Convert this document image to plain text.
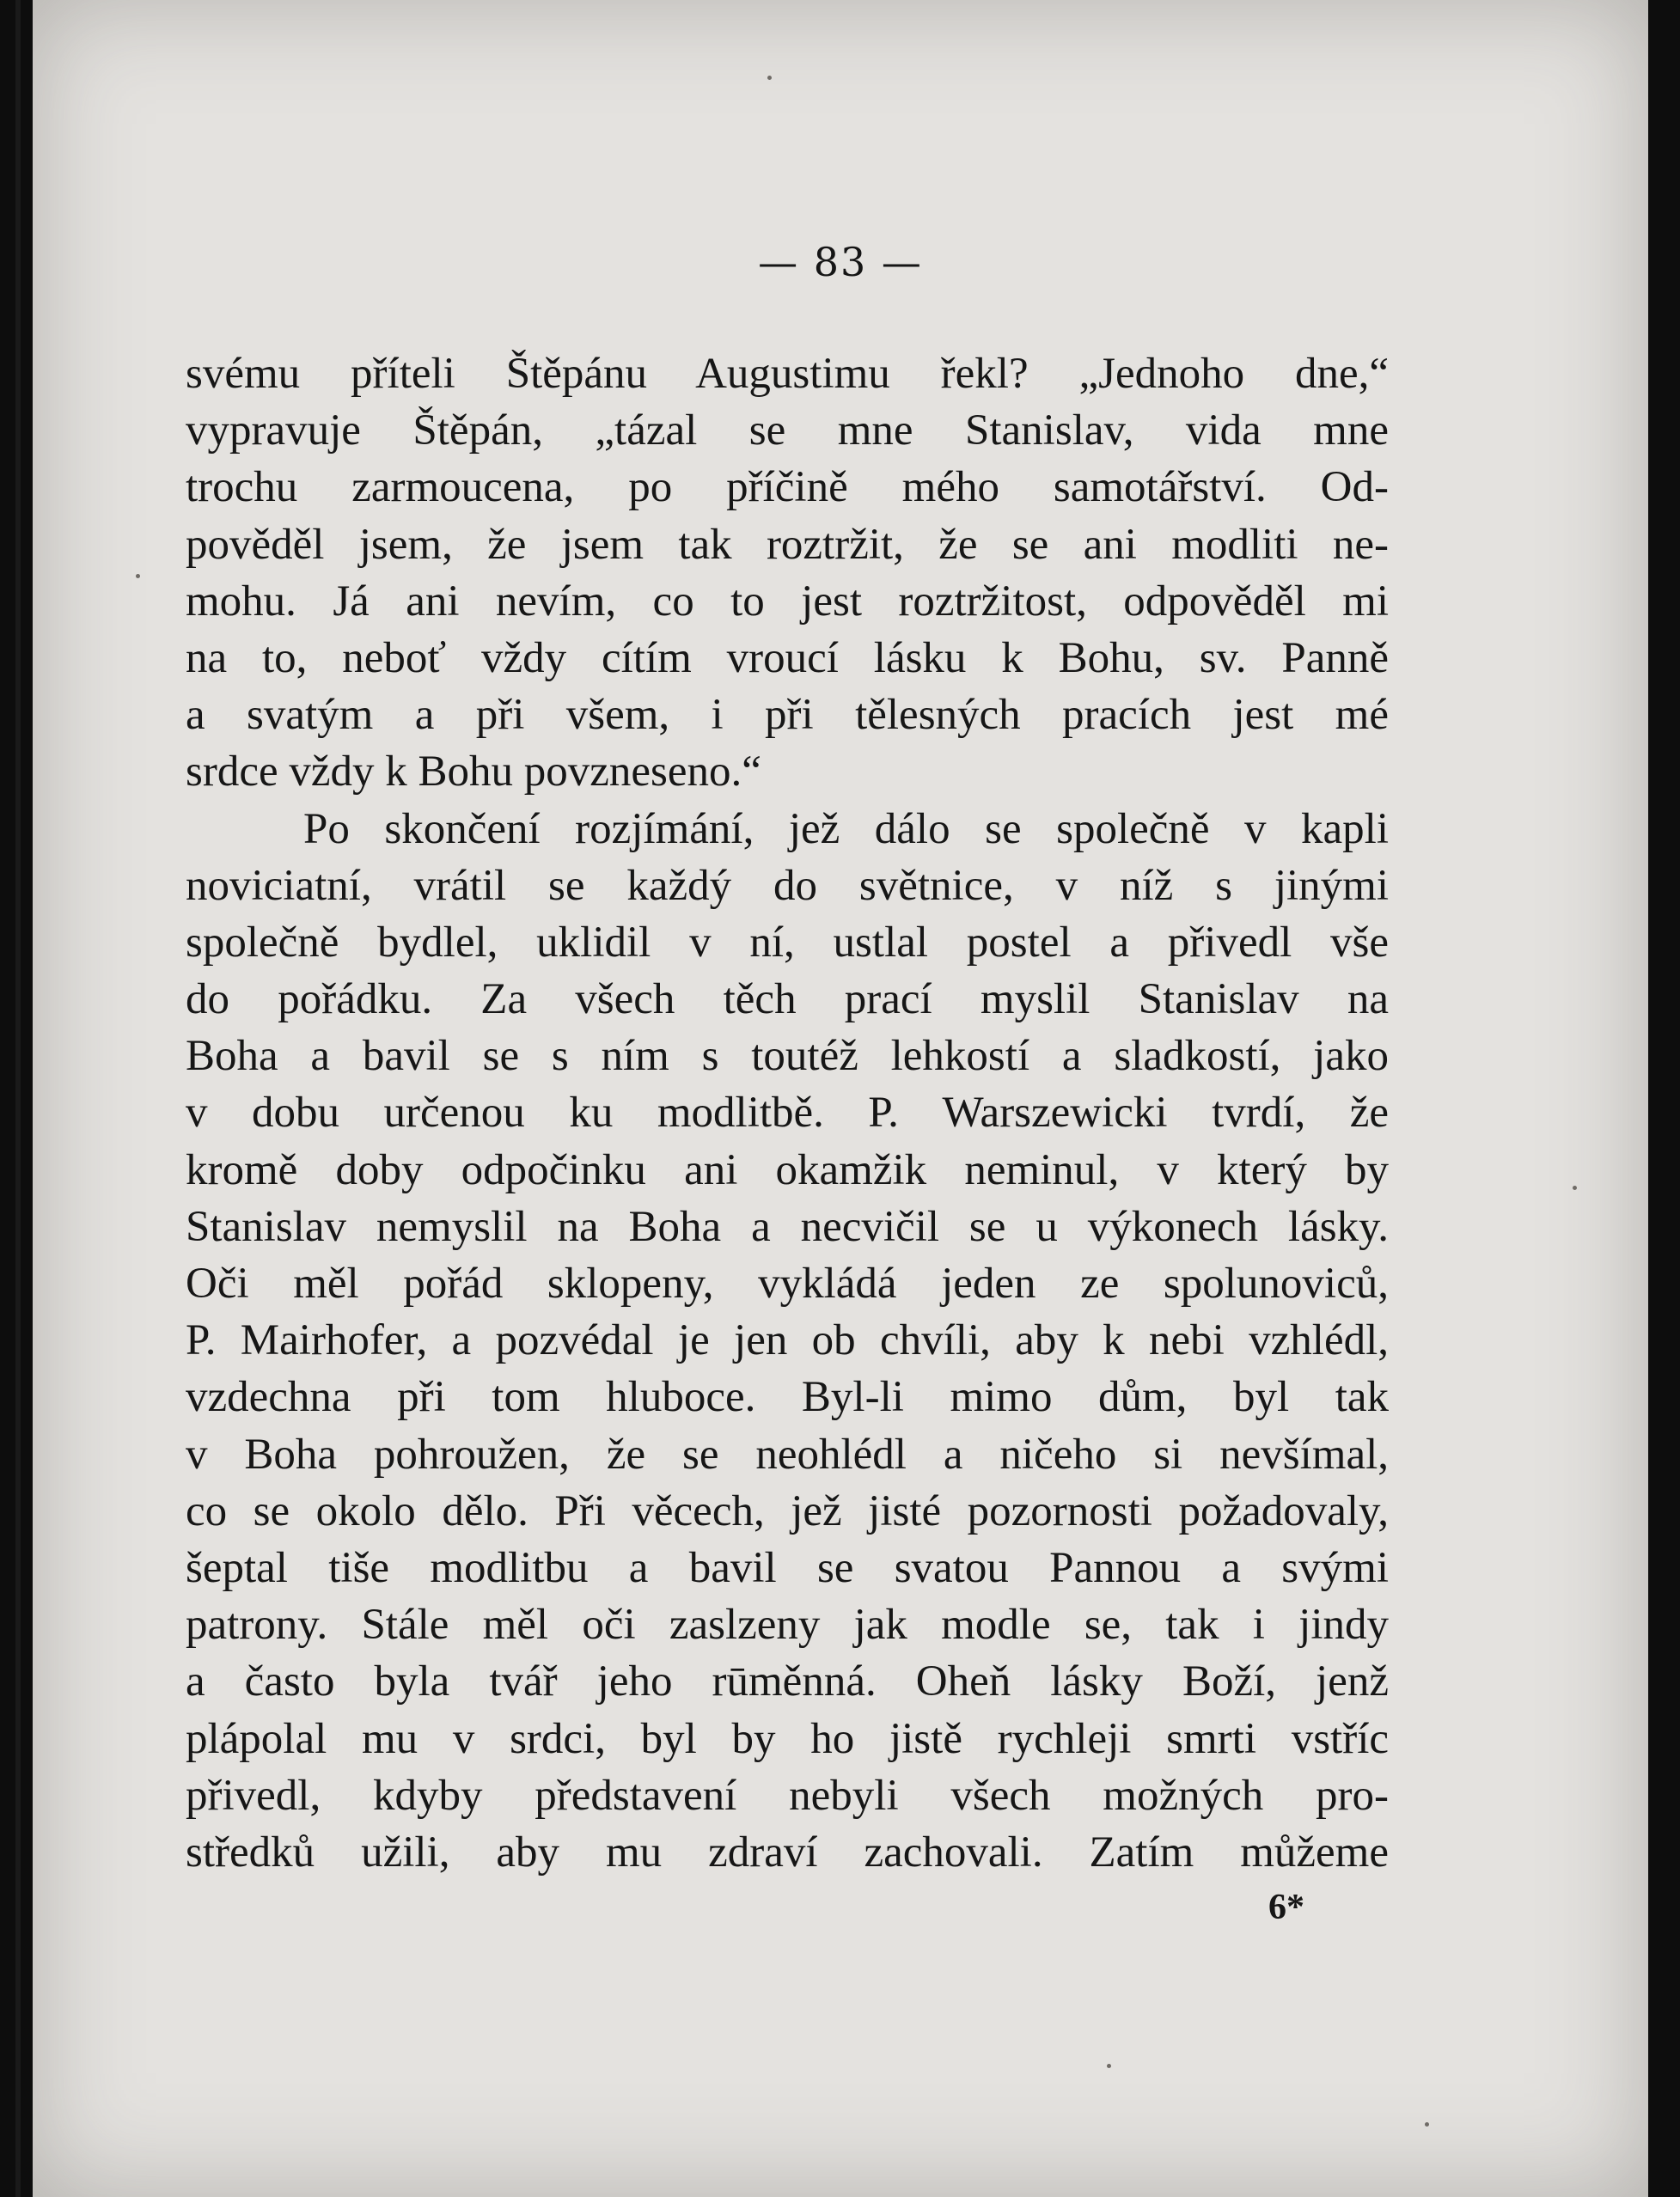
— 83 —
svému příteli Štěpánu Augustimu řekl? „Jednoho dne,“
vypravuje Štěpán, „tázal se mne Stanislav, vida mne
trochu zarmoucena, po příčině mého samotářství. Od-
pověděl jsem, že jsem tak roztržit, že se ani modliti ne-
mohu. Já ani nevím, co to jest roztržitost, odpověděl mi
na to, neboť vždy cítím vroucí lásku k Bohu, sv. Panně
a svatým a při všem, i při tělesných pracích jest mé
srdce vždy k Bohu povzneseno.“
Po skončení rozjímání, jež dálo se společně v kapli
noviciatní, vrátil se každý do světnice, v níž s jinými
společně bydlel, uklidil v ní, ustlal postel a přivedl vše
do pořádku. Za všech těch prací myslil Stanislav na
Boha a bavil se s ním s toutéž lehkostí a sladkostí, jako
v dobu určenou ku modlitbě. P. Warszewicki tvrdí, že
kromě doby odpočinku ani okamžik neminul, v který by
Stanislav nemyslil na Boha a necvičil se u výkonech lásky.
Oči měl pořád sklopeny, vykládá jeden ze spolunoviců,
P. Mairhofer, a pozvédal je jen ob chvíli, aby k nebi vzhlédl,
vzdechna při tom hluboce. Byl-li mimo dům, byl tak
v Boha pohroužen, že se neohlédl a ničeho si nevšímal,
co se okolo dělo. Při věcech, jež jisté pozornosti požadovaly,
šeptal tiše modlitbu a bavil se svatou Pannou a svými
patrony. Stále měl oči zaslzeny jak modle se, tak i jindy
a často byla tvář jeho rūměnná. Oheň lásky Boží, jenž
plápolal mu v srdci, byl by ho jistě rychleji smrti vstříc
přivedl, kdyby představení nebyli všech možných pro-
středků užili, aby mu zdraví zachovali. Zatím můžeme
6*
